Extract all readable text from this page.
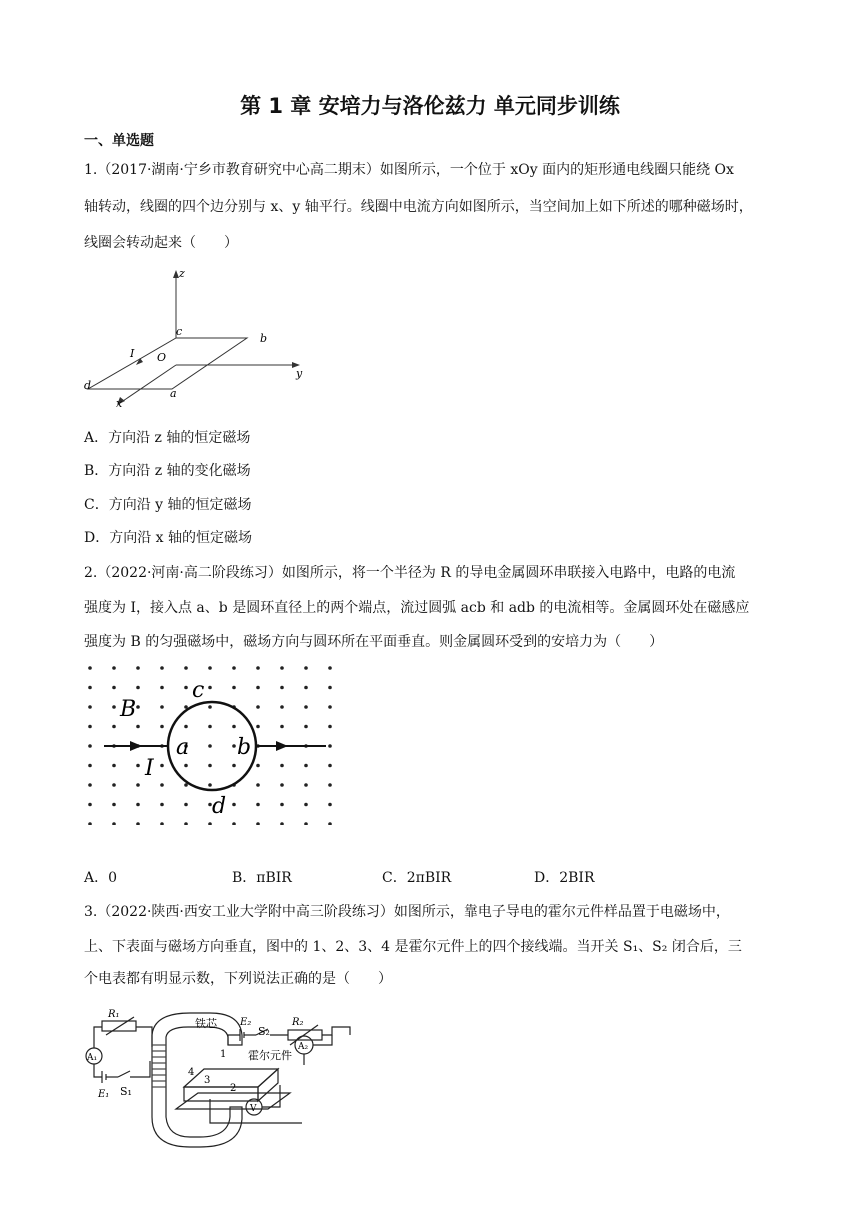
第 1 章 安培力与洛伦兹力 单元同步训练
一、单选题
1.（2017·湖南·宁乡市教育研究中心高二期末）如图所示，一个位于 xOy 面内的矩形通电线圈只能绕 Ox
轴转动，线圈的四个边分别与 x、y 轴平行。线圈中电流方向如图所示，当空间加上如下所述的哪种磁场时，
线圈会转动起来（　　）
z
y
x
O
a
b
c
d
I
A．方向沿 z 轴的恒定磁场
B．方向沿 z 轴的变化磁场
C．方向沿 y 轴的恒定磁场
D．方向沿 x 轴的恒定磁场
2.（2022·河南·高二阶段练习）如图所示，将一个半径为 R 的导电金属圆环串联接入电路中，电路的电流
强度为 I，接入点 a、b 是圆环直径上的两个端点，流过圆弧 acb 和 adb 的电流相等。金属圆环处在磁感应
强度为 B 的匀强磁场中，磁场方向与圆环所在平面垂直。则金属圆环受到的安培力为（　　）
B
I
a b
c
d
A．0	B．πBIR	C．2πBIR	D．2BIR
3.（2022·陕西·西安工业大学附中高三阶段练习）如图所示，靠电子导电的霍尔元件样品置于电磁场中，
上、下表面与磁场方向垂直，图中的 1、2、3、4 是霍尔元件上的四个接线端。当开关 S₁、S₂ 闭合后，三
个电表都有明显示数，下列说法正确的是（　　）
R₁
A₁
E₁ S₁
铁芯 E₂
S₂
R₂
霍尔元件
V
A₂
1
2
3
4
